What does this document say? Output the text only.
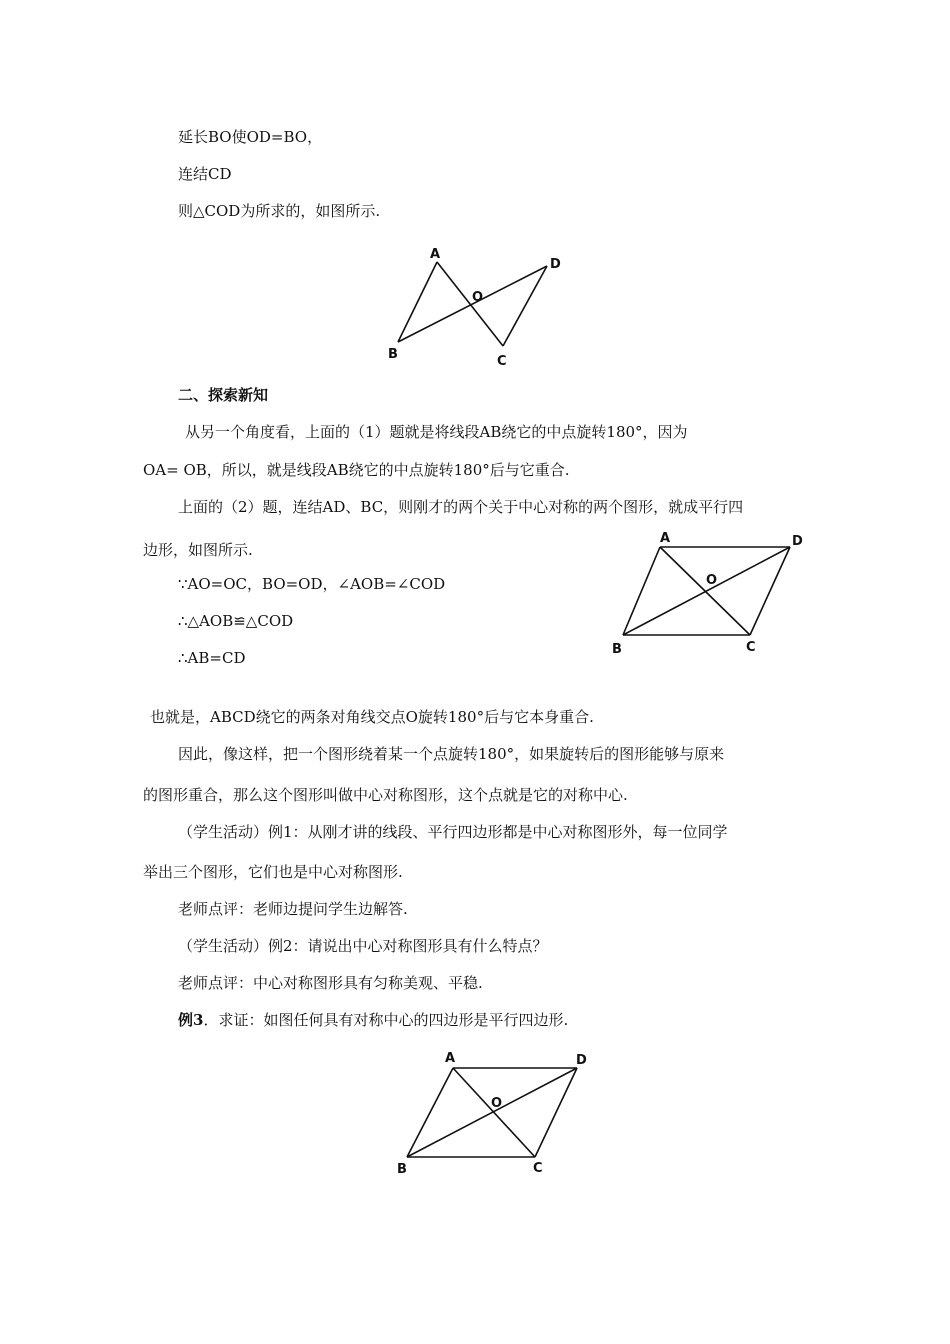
延长BO使OD=BO，
连结CD
则△COD为所求的，如图所示.
A
B	C
D
O
二、探索新知
从另一个角度看，上面的（1）题就是将线段AB绕它的中点旋转180°，因为
OA= OB，所以，就是线段AB绕它的中点旋转180°后与它重合.
上面的（2）题，连结AD、BC，则刚才的两个关于中心对称的两个图形，就成平行四
边形，如图所示.
A
B	C
D
O
∵AO=OC，BO=OD，∠AOB=∠COD
∴△AOB≌△COD
∴AB=CD
也就是，ABCD绕它的两条对角线交点O旋转180°后与它本身重合.
因此，像这样，把一个图形绕着某一个点旋转180°，如果旋转后的图形能够与原来
的图形重合，那么这个图形叫做中心对称图形，这个点就是它的对称中心.
（学生活动）例1：从刚才讲的线段、平行四边形都是中心对称图形外，每一位同学
举出三个图形，它们也是中心对称图形.
老师点评：老师边提问学生边解答.
（学生活动）例2：请说出中心对称图形具有什么特点？
老师点评：中心对称图形具有匀称美观、平稳.
例3．求证：如图任何具有对称中心的四边形是平行四边形.
A
B	C
D
O
